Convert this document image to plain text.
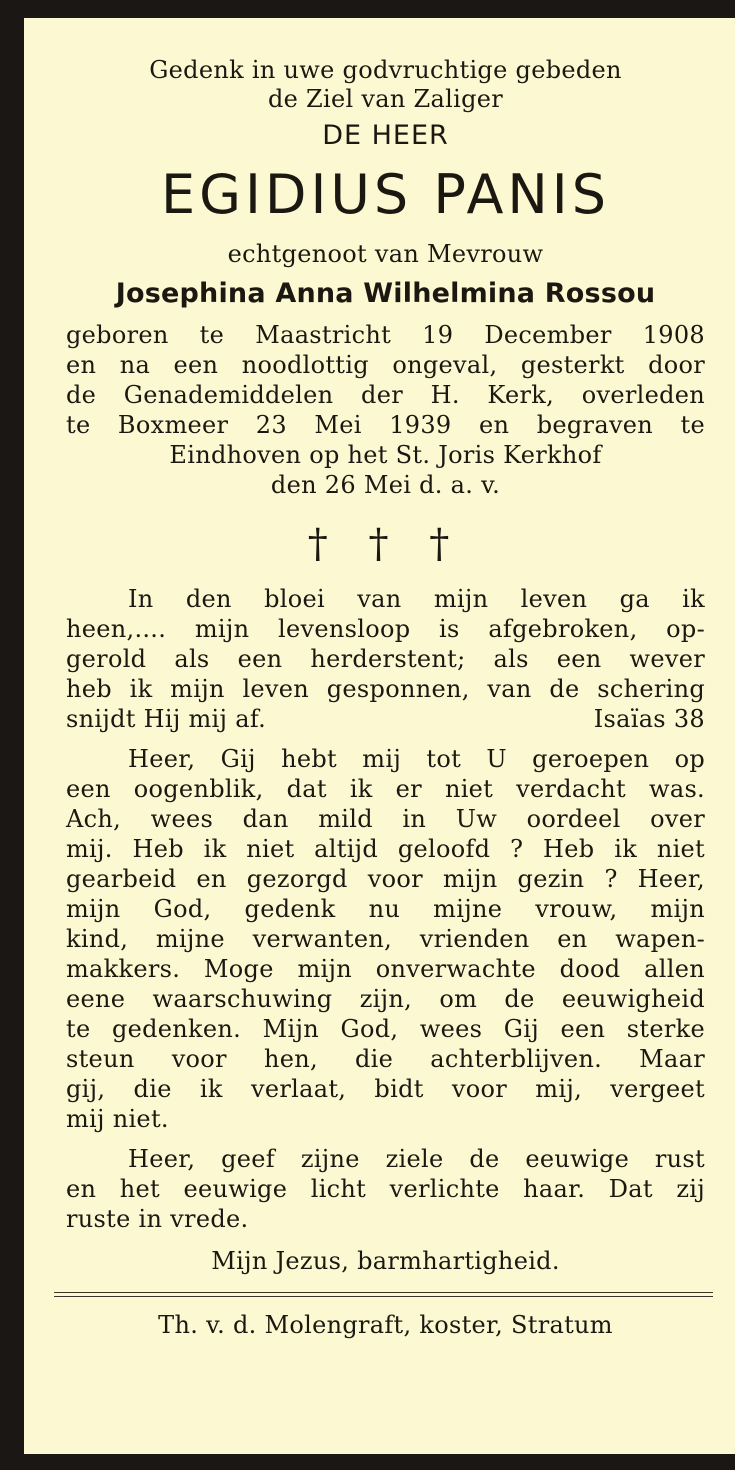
Gedenk in uwe godvruchtige gebeden

de Ziel van Zaliger

DE HEER

EGIDIUS PANIS

echtgenoot van Mevrouw

Josephina Anna Wilhelmina Rossou

geboren te Maastricht 19 December 1908

en na een noodlottig ongeval, gesterkt door

de Genademiddelen der H. Kerk, overleden

te Boxmeer 23 Mei 1939 en begraven te

Eindhoven op het St. Joris Kerkhof

den 26 Mei d. a. v.

† † †

In den bloei van mijn leven ga ik

heen,.... mijn levensloop is afgebroken, op-

gerold als een herderstent; als een wever

heb ik mijn leven gesponnen, van de schering

snijdt Hij mij af.	Isaïas 38

Heer, Gij hebt mij tot U geroepen op

een oogenblik, dat ik er niet verdacht was.

Ach, wees dan mild in Uw oordeel over

mij. Heb ik niet altijd geloofd ? Heb ik niet

gearbeid en gezorgd voor mijn gezin ? Heer,

mijn God, gedenk nu mijne vrouw, mijn

kind, mijne verwanten, vrienden en wapen-

makkers. Moge mijn onverwachte dood allen

eene waarschuwing zijn, om de eeuwigheid

te gedenken. Mijn God, wees Gij een sterke

steun voor hen, die achterblijven. Maar

gij, die ik verlaat, bidt voor mij, vergeet

mij niet.

Heer, geef zijne ziele de eeuwige rust

en het eeuwige licht verlichte haar. Dat zij

ruste in vrede.

Mijn Jezus, barmhartigheid.

Th. v. d. Molengraft, koster, Stratum
